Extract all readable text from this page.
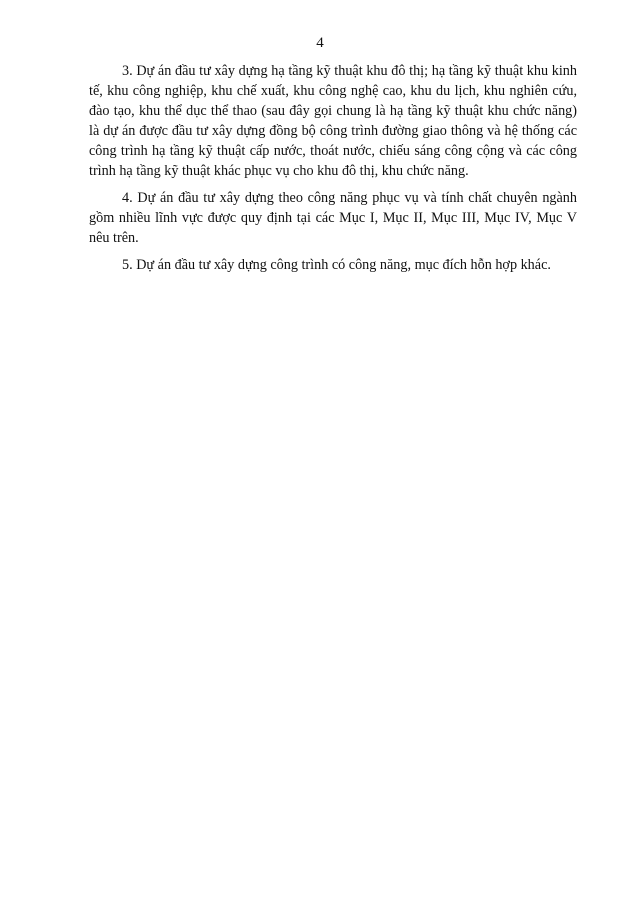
4

3. Dự án đầu tư xây dựng hạ tầng kỹ thuật khu đô thị; hạ tầng kỹ thuật khu kinh tế, khu công nghiệp, khu chế xuất, khu công nghệ cao, khu du lịch, khu nghiên cứu, đào tạo, khu thể dục thể thao (sau đây gọi chung là hạ tầng kỹ thuật khu chức năng) là dự án được đầu tư xây dựng đồng bộ công trình đường giao thông và hệ thống các công trình hạ tầng kỹ thuật cấp nước, thoát nước, chiếu sáng công cộng và các công trình hạ tầng kỹ thuật khác phục vụ cho khu đô thị, khu chức năng.

4. Dự án đầu tư xây dựng theo công năng phục vụ và tính chất chuyên ngành gồm nhiều lĩnh vực được quy định tại các Mục I, Mục II, Mục III, Mục IV, Mục V nêu trên.

5. Dự án đầu tư xây dựng công trình có công năng, mục đích hỗn hợp khác.
